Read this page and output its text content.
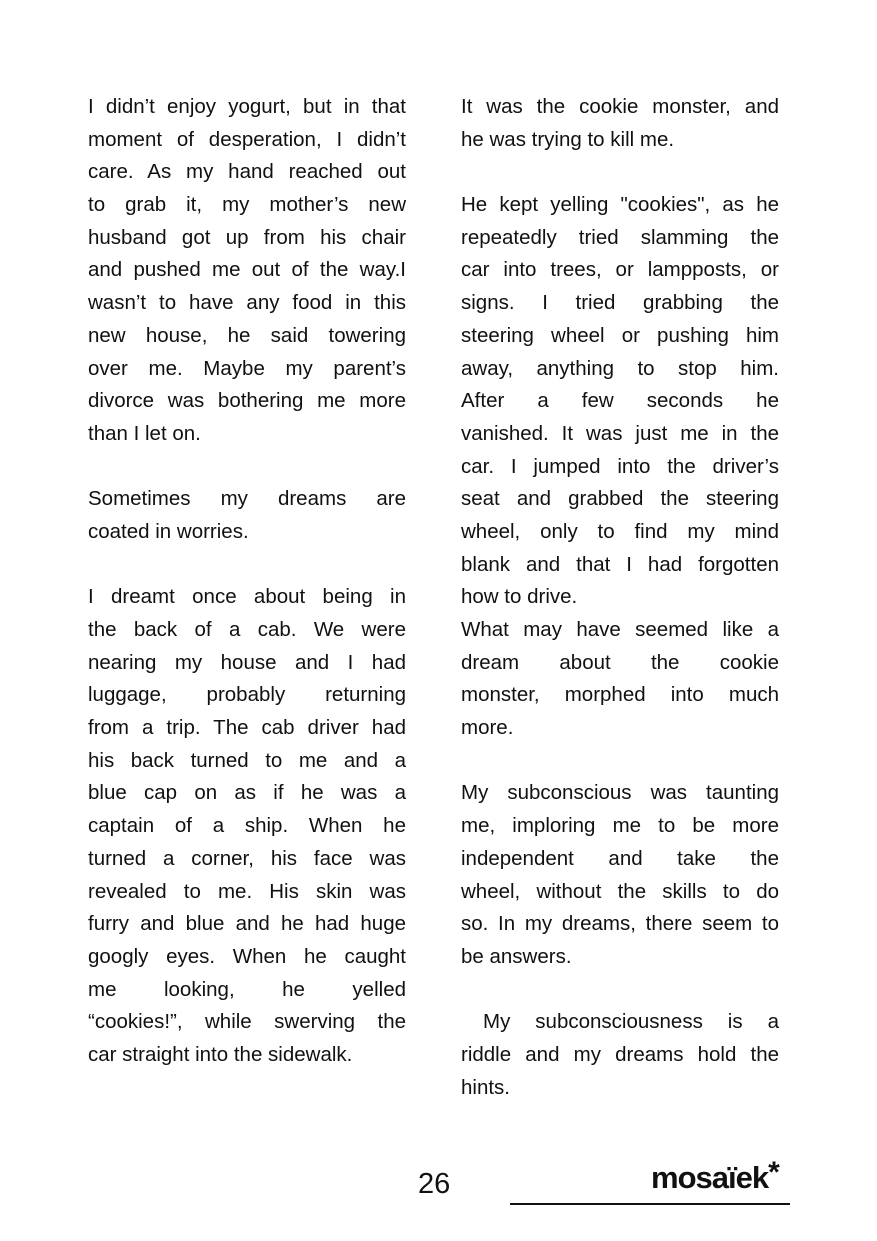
I didn’t enjoy yogurt, but in that
moment of desperation, I didn’t
care. As my hand reached out
to grab it, my mother’s new
husband got up from his chair
and pushed me out of the way.I
wasn’t to have any food in this
new house, he said towering
over me. Maybe my parent’s
divorce was bothering me more
than I let on.
Sometimes my dreams are
coated in worries.
I dreamt once about being in
the back of a cab. We were
nearing my house and I had
luggage, probably returning
from a trip. The cab driver had
his back turned to me and a
blue cap on as if he was a
captain of a ship. When he
turned a corner, his face was
revealed to me. His skin was
furry and blue and he had huge
googly eyes. When he caught
me looking, he yelled
“cookies!”, while swerving the
car straight into the sidewalk.
It was the cookie monster, and
he was trying to kill me.
He kept yelling "cookies", as he
repeatedly tried slamming the
car into trees, or lampposts, or
signs. I tried grabbing the
steering wheel or pushing him
away, anything to stop him.
After a few seconds he
vanished. It was just me in the
car. I jumped into the driver’s
seat and grabbed the steering
wheel, only to find my mind
blank and that I had forgotten
how to drive.
What may have seemed like a
dream about the cookie
monster, morphed into much
more.
My subconscious was taunting
me, imploring me to be more
independent and take the
wheel, without the skills to do
so. In my dreams, there seem to
be answers.
My subconsciousness is a
riddle and my dreams hold the
hints.
26	mosaïek*
